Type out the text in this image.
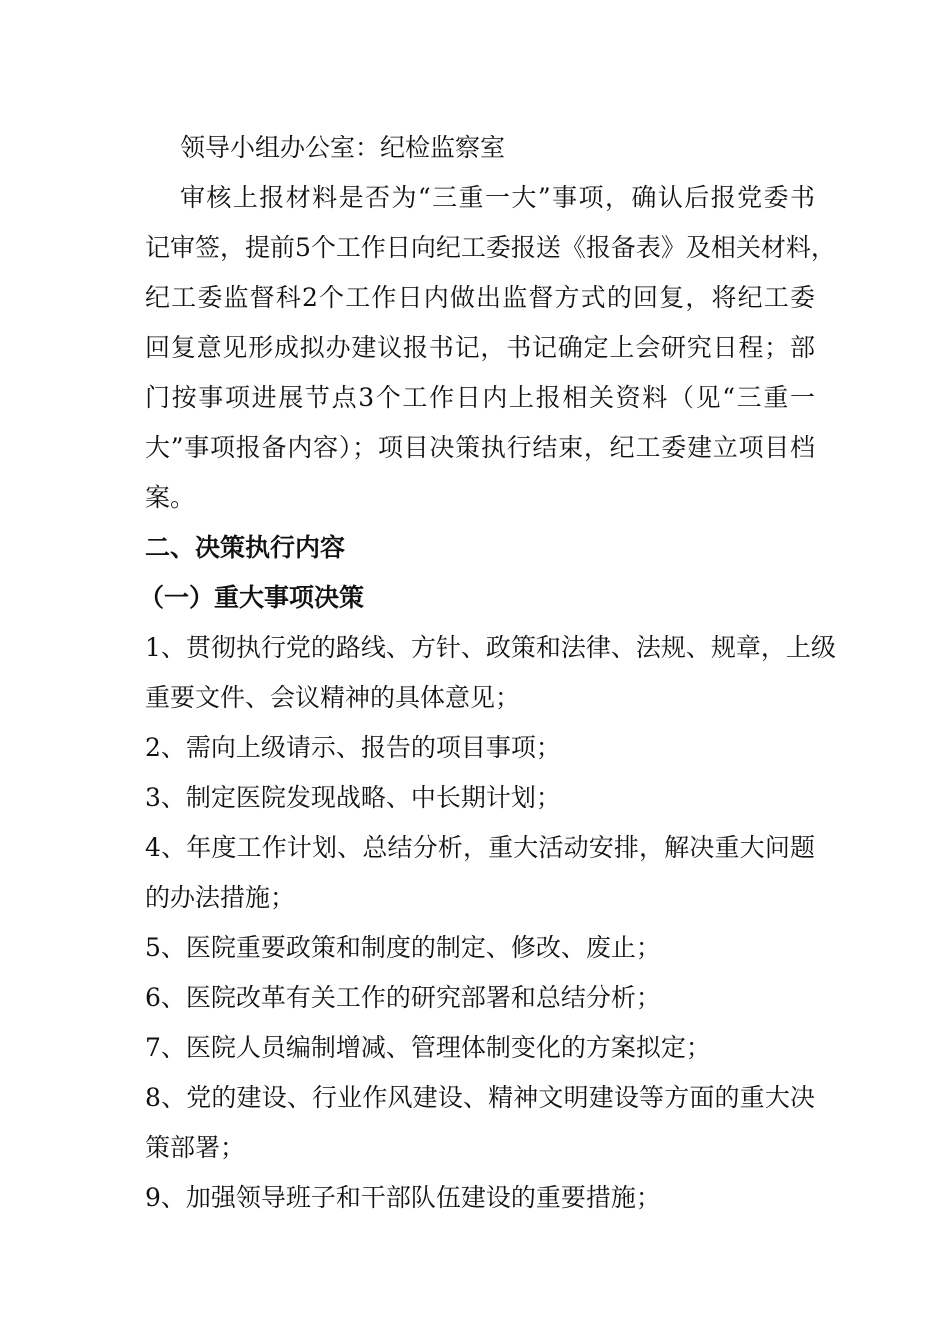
领导小组办公室：纪检监察室
审核上报材料是否为“三重一大”事项，确认后报党委书
记审签，提前5个工作日向纪工委报送《报备表》及相关材料，
纪工委监督科2个工作日内做出监督方式的回复，将纪工委
回复意见形成拟办建议报书记，书记确定上会研究日程；部
门按事项进展节点3个工作日内上报相关资料（见“三重一
大”事项报备内容）；项目决策执行结束，纪工委建立项目档
案。
二、决策执行内容
（一）重大事项决策
1、贯彻执行党的路线、方针、政策和法律、法规、规章，上级
重要文件、会议精神的具体意见；
2、需向上级请示、报告的项目事项；
3、制定医院发现战略、中长期计划；
4、年度工作计划、总结分析，重大活动安排，解决重大问题
的办法措施；
5、医院重要政策和制度的制定、修改、废止；
6、医院改革有关工作的研究部署和总结分析；
7、医院人员编制增减、管理体制变化的方案拟定；
8、党的建设、行业作风建设、精神文明建设等方面的重大决
策部署；
9、加强领导班子和干部队伍建设的重要措施；
